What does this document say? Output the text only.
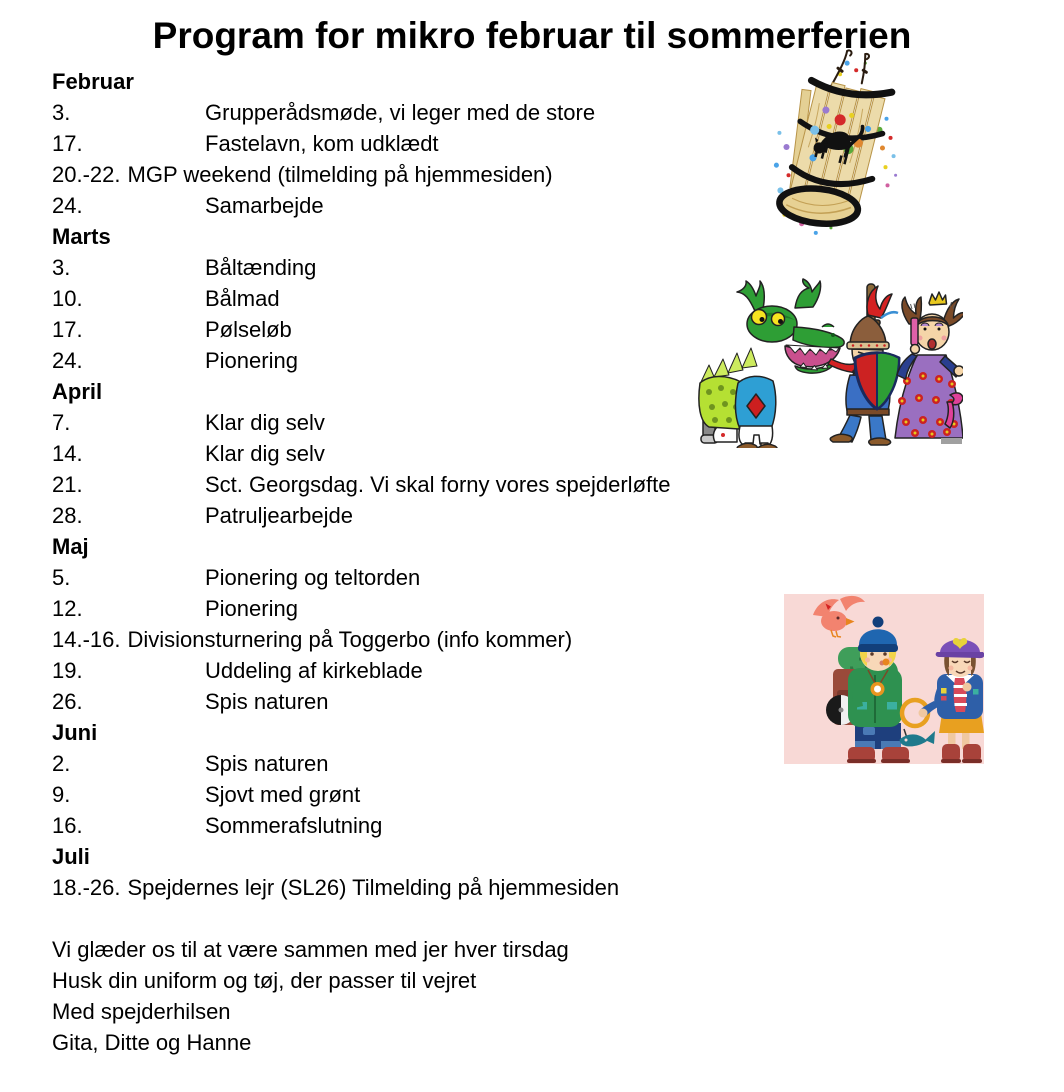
Program for mikro februar til sommerferien
Februar
3.	Grupperådsmøde, vi leger med de store
17.	Fastelavn, kom udklædt
20.-22. MGP weekend (tilmelding på hjemmesiden)
24.	Samarbejde
Marts
3.	Båltænding
10.	Bålmad
17.	Pølseløb
24.	Pionering
April
7.	Klar dig selv
14.	Klar dig selv
21.	Sct. Georgsdag. Vi skal forny vores spejderløfte
28.	Patruljearbejde
Maj
5.	Pionering og teltorden
12.	Pionering
14.-16. Divisionsturnering på Toggerbo (info kommer)
19.	Uddeling af kirkeblade
26.	Spis naturen
Juni
2.	Spis naturen
9.	Sjovt med grønt
16.	Sommerafslutning
Juli
18.-26. Spejdernes lejr (SL26) Tilmelding på hjemmesiden
Vi glæder os til at være sammen med jer hver tirsdag
Husk din uniform og tøj, der passer til vejret
Med spejderhilsen
Gita, Ditte og Hanne
